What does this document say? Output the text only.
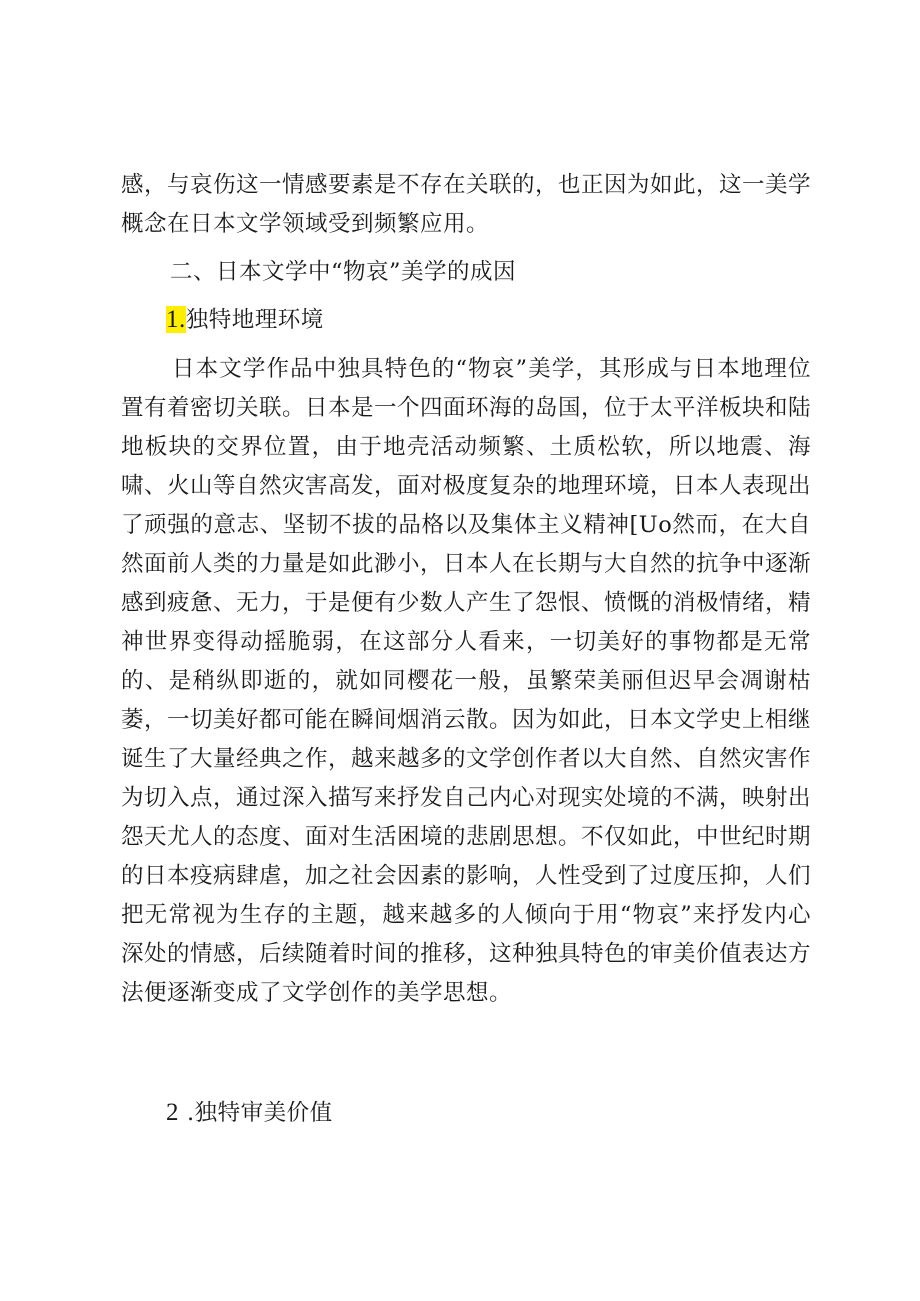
感，与哀伤这一情感要素是不存在关联的，也正因为如此，这一美学概念在日本文学领域受到频繁应用。

二、日本文学中“物哀”美学的成因

1.独特地理环境

日本文学作品中独具特色的“物哀”美学，其形成与日本地理位置有着密切关联。日本是一个四面环海的岛国，位于太平洋板块和陆地板块的交界位置，由于地壳活动频繁、土质松软，所以地震、海啸、火山等自然灾害高发，面对极度复杂的地理环境，日本人表现出了顽强的意志、坚韧不拔的品格以及集体主义精神[Uo然而，在大自然面前人类的力量是如此渺小，日本人在长期与大自然的抗争中逐渐感到疲惫、无力，于是便有少数人产生了怨恨、愤慨的消极情绪，精神世界变得动摇脆弱，在这部分人看来，一切美好的事物都是无常的、是稍纵即逝的，就如同樱花一般，虽繁荣美丽但迟早会凋谢枯萎，一切美好都可能在瞬间烟消云散。因为如此，日本文学史上相继诞生了大量经典之作，越来越多的文学创作者以大自然、自然灾害作为切入点，通过深入描写来抒发自己内心对现实处境的不满，映射出怨天尤人的态度、面对生活困境的悲剧思想。不仅如此，中世纪时期的日本疫病肆虐，加之社会因素的影响，人性受到了过度压抑，人们把无常视为生存的主题，越来越多的人倾向于用“物哀”来抒发内心深处的情感，后续随着时间的推移，这种独具特色的审美价值表达方法便逐渐变成了文学创作的美学思想。

2 .独特审美价值
